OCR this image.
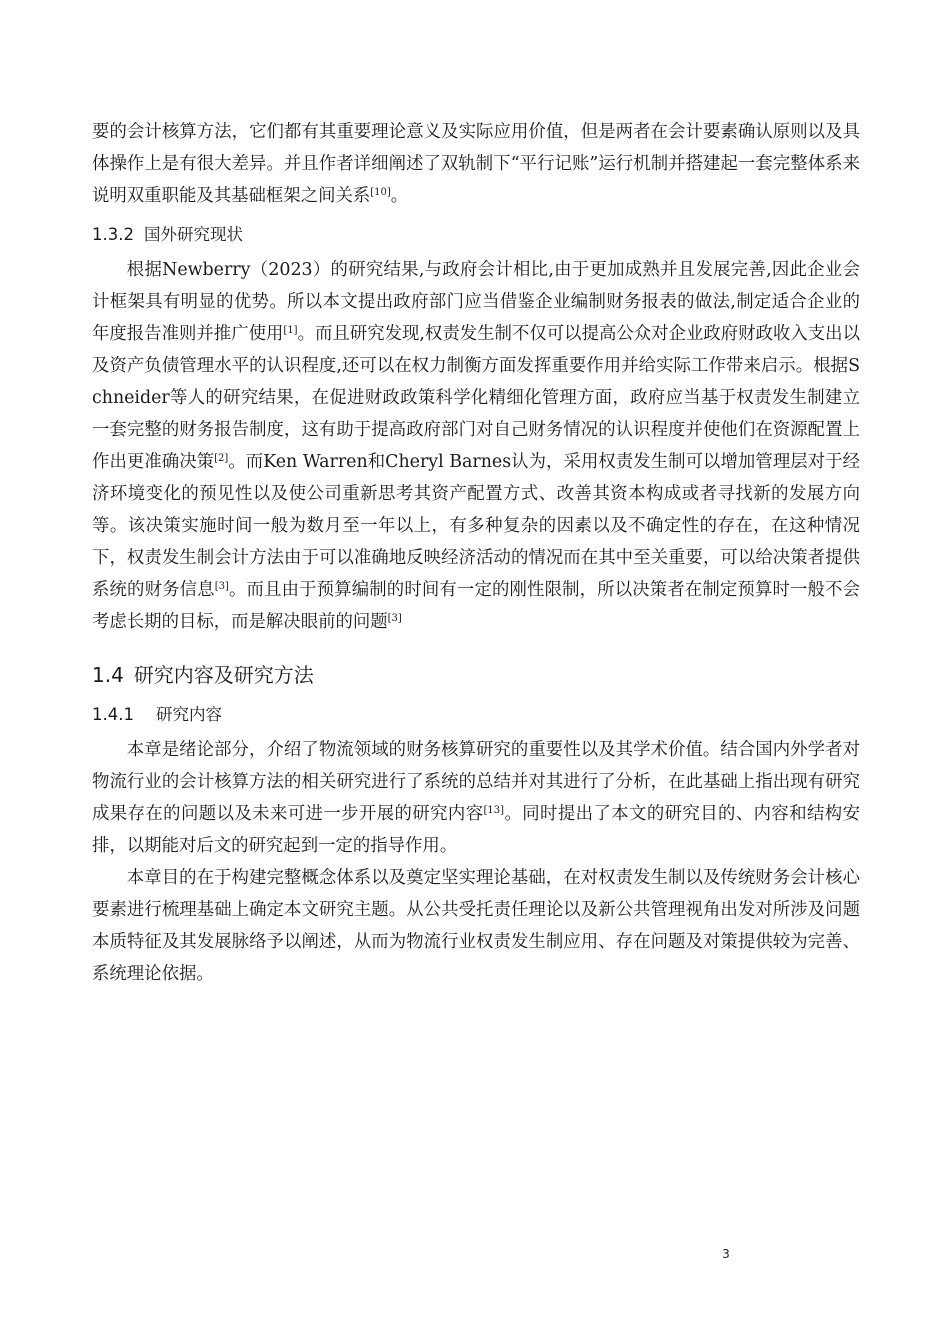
要的会计核算方法，它们都有其重要理论意义及实际应用价值，但是两者在会计要素确认原则以及具体操作上是有很大差异。并且作者详细阐述了双轨制下“平行记账”运行机制并搭建起一套完整体系来说明双重职能及其基础框架之间关系[10]。

1.3.2 国外研究现状

根据Newberry（2023）的研究结果,与政府会计相比,由于更加成熟并且发展完善,因此企业会计框架具有明显的优势。所以本文提出政府部门应当借鉴企业编制财务报表的做法,制定适合企业的年度报告准则并推广使用[1]。而且研究发现,权责发生制不仅可以提高公众对企业政府财政收入支出以及资产负债管理水平的认识程度,还可以在权力制衡方面发挥重要作用并给实际工作带来启示。根据Schneider等人的研究结果，在促进财政政策科学化精细化管理方面，政府应当基于权责发生制建立一套完整的财务报告制度，这有助于提高政府部门对自己财务情况的认识程度并使他们在资源配置上作出更准确决策[2]。而Ken Warren和Cheryl Barnes认为，采用权责发生制可以增加管理层对于经济环境变化的预见性以及使公司重新思考其资产配置方式、改善其资本构成或者寻找新的发展方向等。该决策实施时间一般为数月至一年以上，有多种复杂的因素以及不确定性的存在，在这种情况下，权责发生制会计方法由于可以准确地反映经济活动的情况而在其中至关重要，可以给决策者提供系统的财务信息[3]。而且由于预算编制的时间有一定的刚性限制，所以决策者在制定预算时一般不会考虑长期的目标，而是解决眼前的问题[3]

1.4 研究内容及研究方法
1.4.1 研究内容

本章是绪论部分，介绍了物流领域的财务核算研究的重要性以及其学术价值。结合国内外学者对物流行业的会计核算方法的相关研究进行了系统的总结并对其进行了分析，在此基础上指出现有研究成果存在的问题以及未来可进一步开展的研究内容[13]。同时提出了本文的研究目的、内容和结构安排，以期能对后文的研究起到一定的指导作用。

本章目的在于构建完整概念体系以及奠定坚实理论基础，在对权责发生制以及传统财务会计核心要素进行梳理基础上确定本文研究主题。从公共受托责任理论以及新公共管理视角出发对所涉及问题本质特征及其发展脉络予以阐述，从而为物流行业权责发生制应用、存在问题及对策提供较为完善、系统理论依据。

3
